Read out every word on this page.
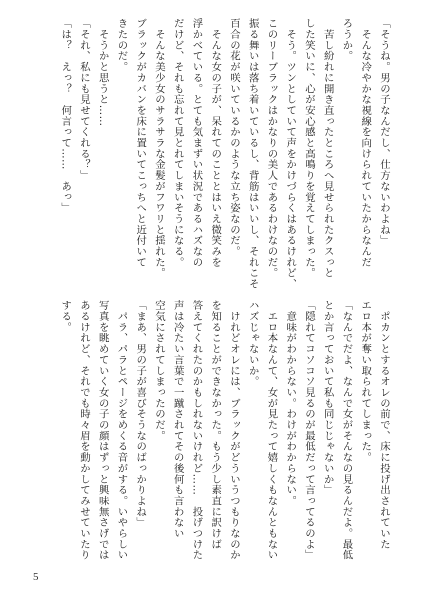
「そうね。男の子なんだし、仕方ないわよね」
　そんな冷やかな視線を向けられていたからなんだ
ろうか。
　苦し紛れに開き直ったところへ見せられたクスっと
した笑いに、心が安心感と高鳴りを覚えてしまった。
　そう。ツンとしていて声をかけづらくはあるけれど、
このリーブラックはかなりの美人であるわけなのだ。
振る舞いは落ち着いているし、背筋はいいし、それこそ
百合の花が咲いているかのような立ち姿なのだ。
　そんな女の子が、呆れてのこととはいえ微笑みを
浮かべている。とても気まずい状況であるハズなの
だけど、それも忘れて見とれてしまいそうになる。
　そんな美少女のサラサラな金髪がフワリと揺れた。
ブラックがカバンを床に置いてこっちへと近付いて
きたのだ。
　そうかと思うと……
「それ、私にも見せてくれる？」
「は？　えっ？　何言って……　あっ」
　ポカンとするオレの前で、床に投げ出されていた
エロ本が奪い取られてしまった。
「なんでだよ、なんで女がそんなの見るんだよ。最低
とか言っておいて私も同じじゃないか」
「隠れてコソコソ見るのが最低だって言ってるのよ」
　意味がわからない。わけがわからない。
　エロ本なんて、女が見たって嬉しくもなんともない
ハズじゃないか。
　けれどオレには、ブラックがどういうつもりなのか
を知ることができなかった。もう少し素直に訳けば
答えてくれたのかもしれないけれど……　投げつけた
声は冷たい言葉で一蹴されてその後何も言わない
空気にされてしまったのだ。
「まあ、男の子が喜びそうなのばっかりよね」
　パラ、パラとページをめくる音がする。いやらしい
写真を眺めていく女の子の顔はずっと興味無さげでは
あるけれど、それでも時々眉を動かしてみせていたり
する。
5
